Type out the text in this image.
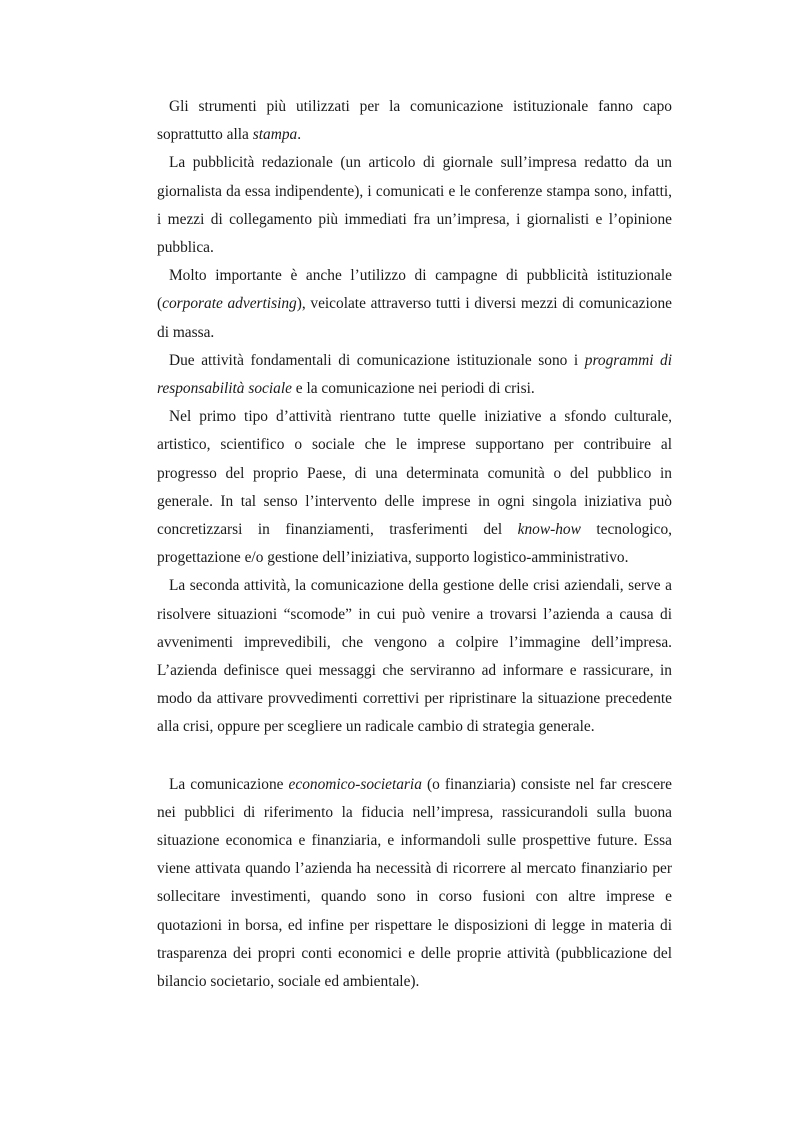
Gli strumenti più utilizzati per la comunicazione istituzionale fanno capo soprattutto alla stampa.

La pubblicità redazionale (un articolo di giornale sull’impresa redatto da un giornalista da essa indipendente), i comunicati e le conferenze stampa sono, infatti, i mezzi di collegamento più immediati fra un’impresa, i giornalisti e l’opinione pubblica.

Molto importante è anche l’utilizzo di campagne di pubblicità istituzionale (corporate advertising), veicolate attraverso tutti i diversi mezzi di comunicazione di massa.

Due attività fondamentali di comunicazione istituzionale sono i programmi di responsabilità sociale e la comunicazione nei periodi di crisi.

Nel primo tipo d’attività rientrano tutte quelle iniziative a sfondo culturale, artistico, scientifico o sociale che le imprese supportano per contribuire al progresso del proprio Paese, di una determinata comunità o del pubblico in generale. In tal senso l’intervento delle imprese in ogni singola iniziativa può concretizzarsi in finanziamenti, trasferimenti del know-how tecnologico, progettazione e/o gestione dell’iniziativa, supporto logistico-amministrativo.

La seconda attività, la comunicazione della gestione delle crisi aziendali, serve a risolvere situazioni “scomode” in cui può venire a trovarsi l’azienda a causa di avvenimenti imprevedibili, che vengono a colpire l’immagine dell’impresa. L’azienda definisce quei messaggi che serviranno ad informare e rassicurare, in modo da attivare provvedimenti correttivi per ripristinare la situazione precedente alla crisi, oppure per scegliere un radicale cambio di strategia generale.

La comunicazione economico-societaria (o finanziaria) consiste nel far crescere nei pubblici di riferimento la fiducia nell’impresa, rassicurandoli sulla buona situazione economica e finanziaria, e informandoli sulle prospettive future. Essa viene attivata quando l’azienda ha necessità di ricorrere al mercato finanziario per sollecitare investimenti, quando sono in corso fusioni con altre imprese e quotazioni in borsa, ed infine per rispettare le disposizioni di legge in materia di trasparenza dei propri conti economici e delle proprie attività (pubblicazione del bilancio societario, sociale ed ambientale).
